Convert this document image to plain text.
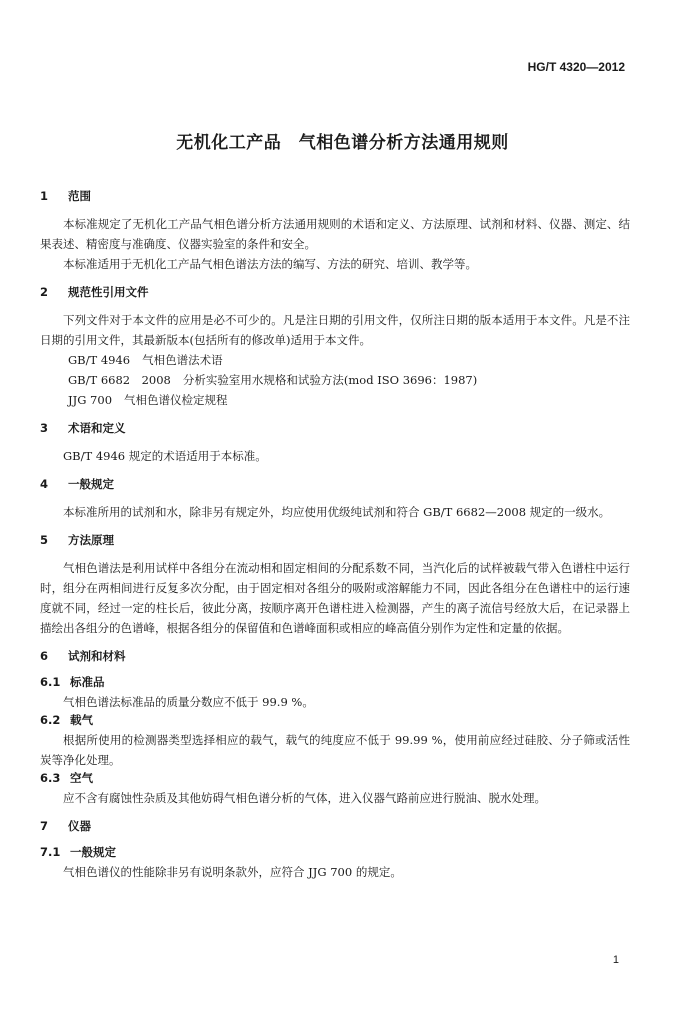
HG/T 4320—2012
无机化工产品　气相色谱分析方法通用规则
1 范围

本标准规定了无机化工产品气相色谱分析方法通用规则的术语和定义、方法原理、试剂和材料、仪器、测定、结果表述、精密度与准确度、仪器实验室的条件和安全。

本标准适用于无机化工产品气相色谱法方法的编写、方法的研究、培训、教学等。

2 规范性引用文件

下列文件对于本文件的应用是必不可少的。凡是注日期的引用文件，仅所注日期的版本适用于本文件。凡是不注日期的引用文件，其最新版本(包括所有的修改单)适用于本文件。

GB/T 4946 气相色谱法术语
GB/T 6682　2008 分析实验室用水规格和试验方法(mod ISO 3696：1987)
JJG 700 气相色谱仪检定规程
3 术语和定义

GB/T 4946 规定的术语适用于本标准。

4 一般规定

本标准所用的试剂和水，除非另有规定外，均应使用优级纯试剂和符合 GB/T 6682—2008 规定的一级水。

5 方法原理

气相色谱法是利用试样中各组分在流动相和固定相间的分配系数不同，当汽化后的试样被载气带入色谱柱中运行时，组分在两相间进行反复多次分配，由于固定相对各组分的吸附或溶解能力不同，因此各组分在色谱柱中的运行速度就不同，经过一定的柱长后，彼此分离，按顺序离开色谱柱进入检测器，产生的离子流信号经放大后，在记录器上描绘出各组分的色谱峰，根据各组分的保留值和色谱峰面积或相应的峰高值分别作为定性和定量的依据。

6 试剂和材料
6.1 标准品

气相色谱法标准品的质量分数应不低于 99.9 %。

6.2 载气

根据所使用的检测器类型选择相应的载气，载气的纯度应不低于 99.99 %，使用前应经过硅胶、分子筛或活性炭等净化处理。

6.3 空气

应不含有腐蚀性杂质及其他妨碍气相色谱分析的气体，进入仪器气路前应进行脱油、脱水处理。

7 仪器
7.1 一般规定

气相色谱仪的性能除非另有说明条款外，应符合 JJG 700 的规定。

1
